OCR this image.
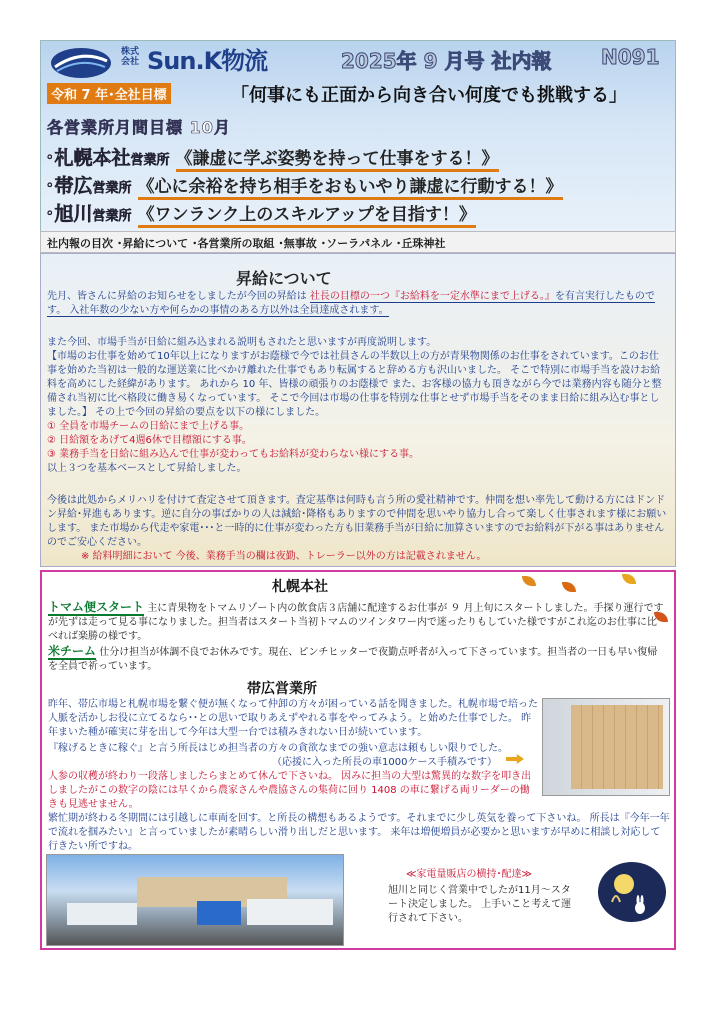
株式
会社 Sun.K物流	2025年 9 月号 社内報 N091
令和 7 年･全社目標	「何事にも正面から向き合い何度でも挑戦する」
各営業所月間目標 10月
･札幌本社営業所 《謙虚に学ぶ姿勢を持って仕事をする！》
･帯広営業所 《心に余裕を持ち相手をおもいやり謙虚に行動する！》
･旭川営業所 《ワンランク上のスキルアップを目指す！》
社内報の目次 ･昇給について ･各営業所の取組 ･無事故 ･ソーラパネル ･丘珠神社
昇給について
先月、皆さんに昇給のお知らせをしましたが今回の昇給は 社長の目標の一つ『お給料を一定水準にまで上げる。』を有言実行したものです。 入社年数の少ない方や何らかの事情のある方以外は全員達成されます。
また今回、市場手当が日給に組み込まれる説明もされたと思いますが再度説明します。
【市場のお仕事を始めて10年以上になりますがお蔭様で今では社員さんの半数以上の方が青果物関係のお仕事をされています。このお仕事を始めた当初は一般的な運送業に比べかけ離れた仕事でもあり転属すると辞める方も沢山いました。 そこで特別に市場手当を設けお給料を高めにした経緯があります。 あれから 10 年、皆様の頑張りのお蔭様で また、お客様の協力も頂きながら今では業務内容も随分と整備され当初に比べ格段に働き易くなっています。 そこで今回は市場の仕事を特別な仕事とせず市場手当をそのまま日給に組み込む事としました。】 その上で今回の昇給の要点を以下の様にしました。
① 全員を市場チームの日給にまで上げる事。
② 日給額をあげて4週6休で目標額にする事。
③ 業務手当を日給に組み込んで仕事が変わってもお給料が変わらない様にする事。
以上３つを基本ベースとして昇給しました。
今後は此処からメリハリを付けて査定させて頂きます。査定基準は何時も言う所の愛社精神です。仲間を想い率先して動ける方にはドンドン昇給･昇進もあります。逆に自分の事ばかりの人は減給･降格もありますので仲間を思いやり協力し合って楽しく仕事されます様にお願いします。 また市場から代走や家電･･･と一時的に仕事が変わった方も旧業務手当が日給に加算さいますのでお給料が下がる事はありませんのでご安心ください。
※ 給料明細において 今後、業務手当の欄は夜勤、トレーラー以外の方は記載されません。
札幌本社
トマム便スタート 主に青果物をトマムリゾート内の飲食店３店舗に配達するお仕事が ９ 月上旬にスタートしました。手探り運行ですが先ずは走って見る事になりました。担当者はスタート当初トマムのツインタワー内で迷ったりもしていた様ですがこれ迄のお仕事に比べれば楽勝の様です。
米チーム 仕分け担当が体調不良でお休みです。現在、ピンチヒッターで夜勤点呼者が入って下さっています。担当者の一日も早い復帰を全員で祈っています。
帯広営業所
昨年、帯広市場と札幌市場を繋ぐ便が無くなって仲卸の方々が困っている話を聞きました。札幌市場で培った人脈を活かしお役に立てるなら･･との思いで取りあえずやれる事をやってみよう。と始めた仕事でした。 昨年まいた種が確実に芽を出して今年は大型一台では積みきれない日が続いています。
『稼げるときに稼ぐ』と言う所長はじめ担当者の方々の貪欲なまでの強い意志は頼もしい限りでした。
（応援に入った所長の車1000ケース手積みです）
人参の収穫が終わり一段落しましたらまとめて休んで下さいね。 因みに担当の大型は驚異的な数字を叩き出しましたがこの数字の陰には早くから農家さんや農協さんの集荷に回り 1408 の車に繋げる両リーダーの働きも見逃せません。
繁忙期が終わる冬期間には引越しに車両を回す。と所長の構想もあるようです。それまでに少し英気を養って下さいね。 所長は『今年一年で流れを掴みたい』と言っていましたが素晴らしい滑り出しだと思います。 来年は増便増員が必要かと思いますが早めに相談し対応して行きたい所ですね。
≪家電量販店の横持･配達≫
旭川と同じく営業中でしたが11月～スタート決定しました。 上手いこと考えて運行されて下さい。
